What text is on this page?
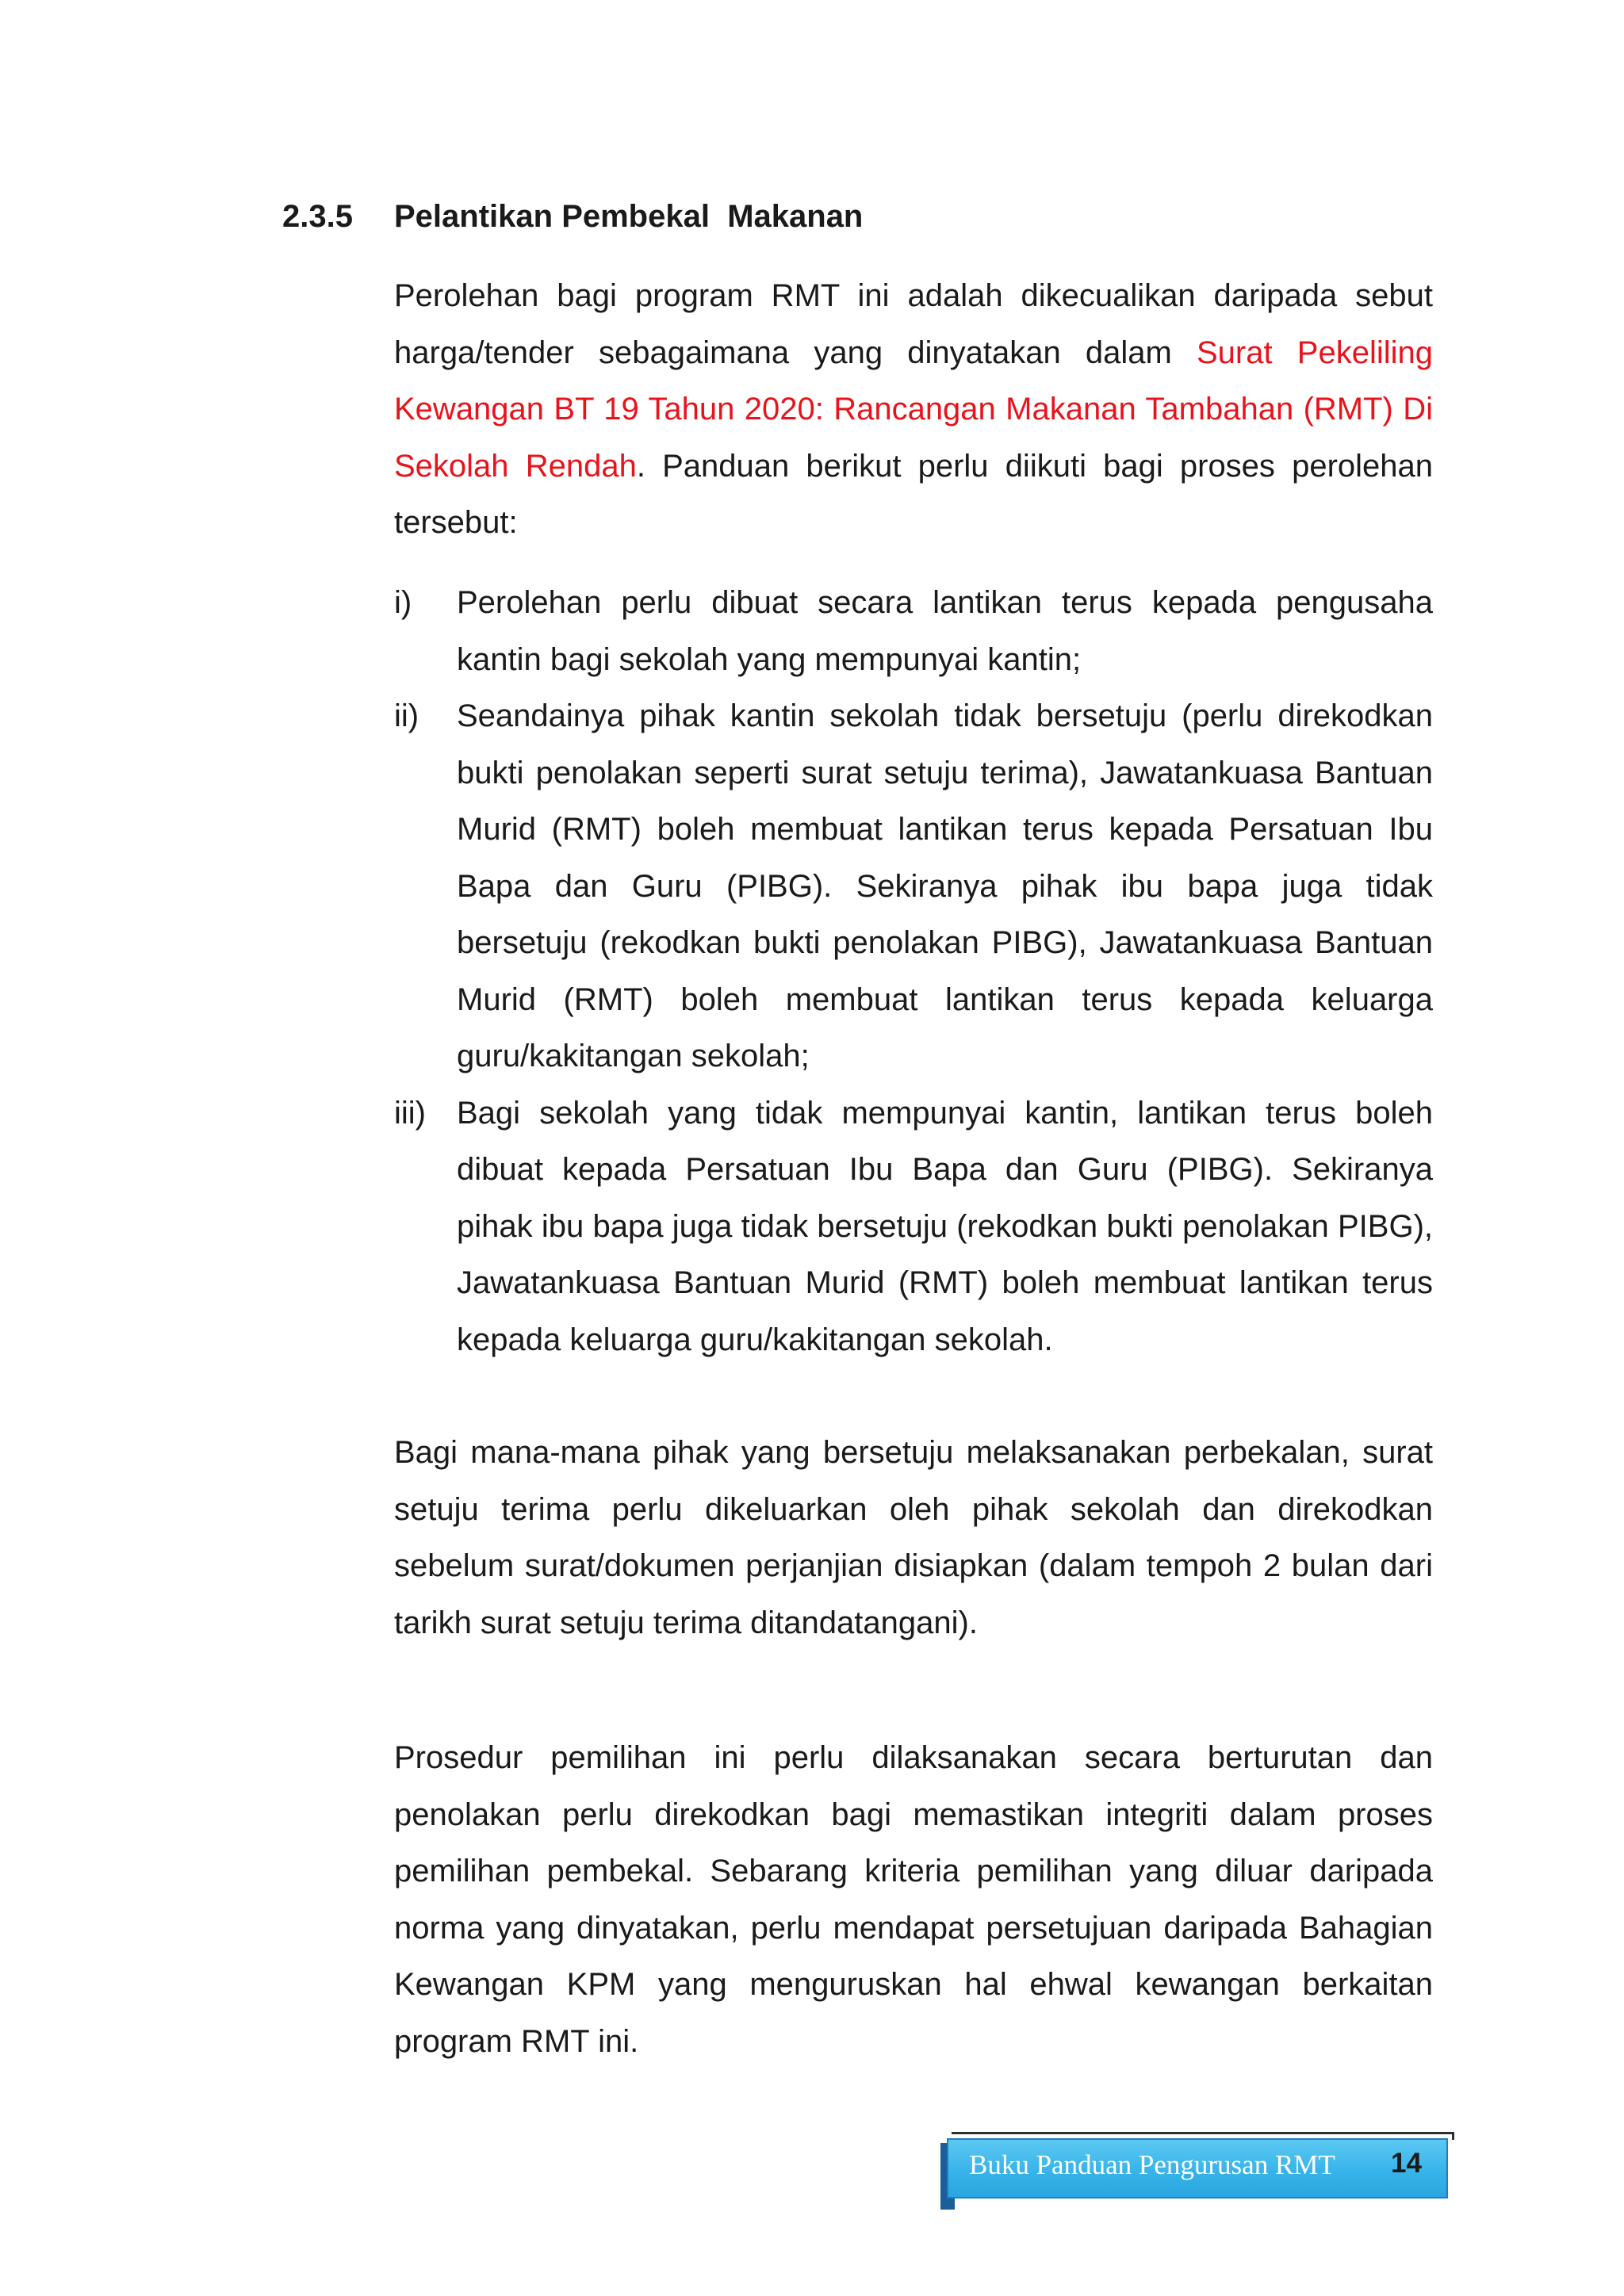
2.3.5 Pelantikan Pembekal  Makanan
Perolehan bagi program RMT ini adalah dikecualikan daripada sebut harga/tender sebagaimana yang dinyatakan dalam Surat Pekeliling Kewangan BT 19 Tahun 2020: Rancangan Makanan Tambahan (RMT) Di Sekolah Rendah. Panduan berikut perlu diikuti bagi proses perolehan tersebut:
i) Perolehan perlu dibuat secara lantikan terus kepada pengusaha kantin bagi sekolah yang mempunyai kantin;
ii) Seandainya pihak kantin sekolah tidak bersetuju (perlu direkodkan bukti penolakan seperti surat setuju terima), Jawatankuasa Bantuan Murid (RMT) boleh membuat lantikan terus kepada Persatuan Ibu Bapa dan Guru (PIBG). Sekiranya pihak ibu bapa juga tidak bersetuju (rekodkan bukti penolakan PIBG), Jawatankuasa Bantuan Murid (RMT) boleh membuat lantikan terus kepada keluarga guru/kakitangan sekolah;
iii) Bagi sekolah yang tidak mempunyai kantin, lantikan terus boleh dibuat kepada Persatuan Ibu Bapa dan Guru (PIBG). Sekiranya pihak ibu bapa juga tidak bersetuju (rekodkan bukti penolakan PIBG), Jawatankuasa Bantuan Murid (RMT) boleh membuat lantikan terus kepada keluarga guru/kakitangan sekolah.
Bagi mana-mana pihak yang bersetuju melaksanakan perbekalan, surat setuju terima perlu dikeluarkan oleh pihak sekolah dan direkodkan sebelum surat/dokumen perjanjian disiapkan (dalam tempoh 2 bulan dari tarikh surat setuju terima ditandatangani).
Prosedur pemilihan ini perlu dilaksanakan secara berturutan dan penolakan perlu direkodkan bagi memastikan integriti dalam proses pemilihan pembekal. Sebarang kriteria pemilihan yang diluar daripada norma yang dinyatakan, perlu mendapat persetujuan daripada Bahagian Kewangan KPM yang menguruskan hal ehwal kewangan berkaitan program RMT ini.
Buku Panduan Pengurusan RMT 14
